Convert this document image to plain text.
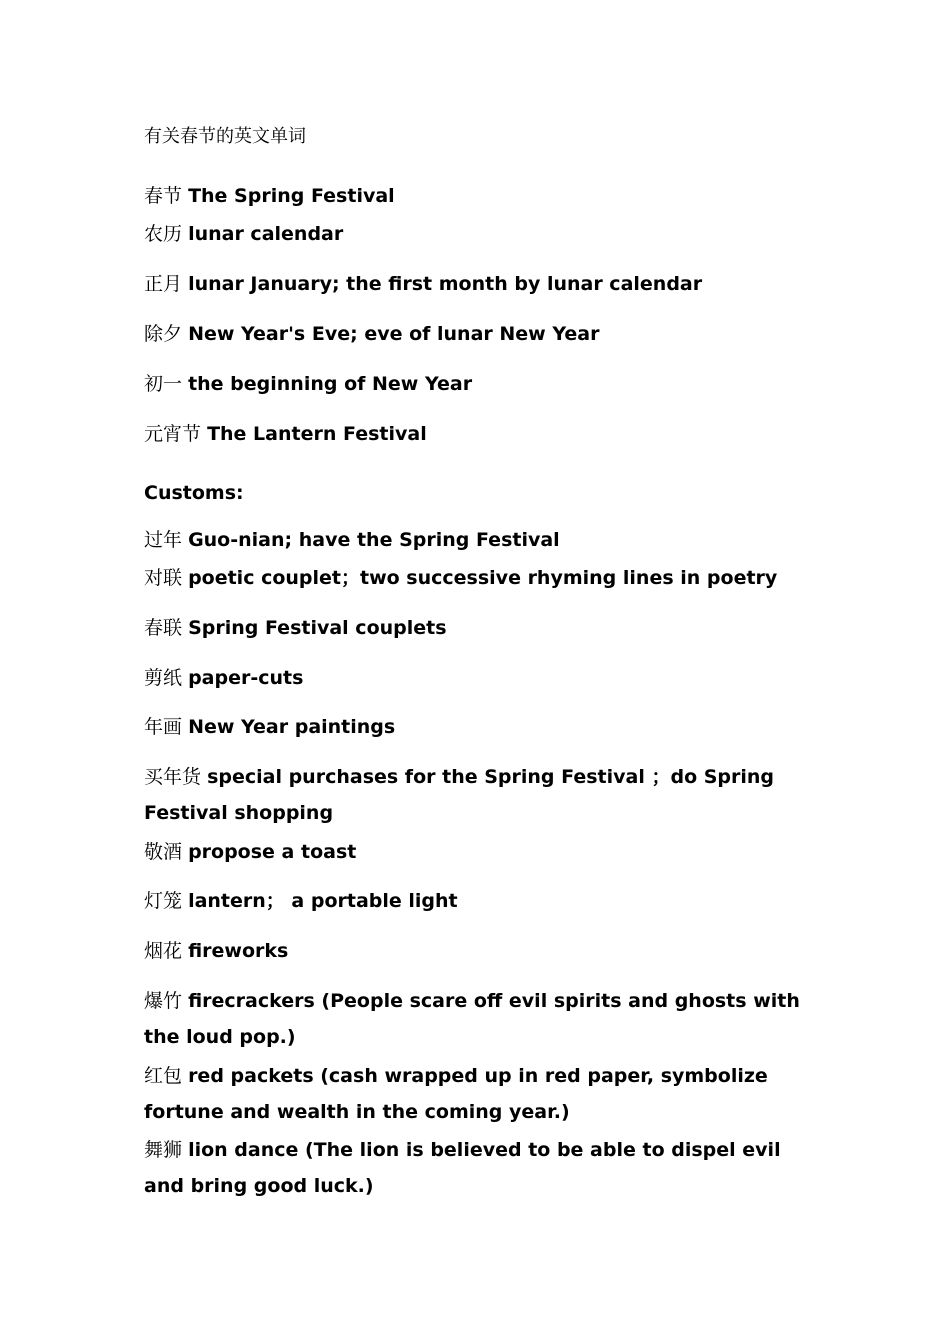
有关春节的英文单词
春节 The Spring Festival
农历 lunar calendar
正月 lunar January; the first month by lunar calendar
除夕 New Year's Eve; eve of lunar New Year
初一 the beginning of New Year
元宵节 The Lantern Festival
Customs:
过年 Guo-nian; have the Spring Festival
对联 poetic couplet；two successive rhyming lines in poetry
春联 Spring Festival couplets
剪纸 paper-cuts
年画 New Year paintings
买年货 special purchases for the Spring Festival ；do Spring Festival shopping
敬酒 propose a toast
灯笼 lantern； a portable light
烟花 fireworks
爆竹 firecrackers (People scare off evil spirits and ghosts with the loud pop.)
红包 red packets (cash wrapped up in red paper, symbolize fortune and wealth in the coming year.)
舞狮 lion dance (The lion is believed to be able to dispel evil and bring good luck.)
